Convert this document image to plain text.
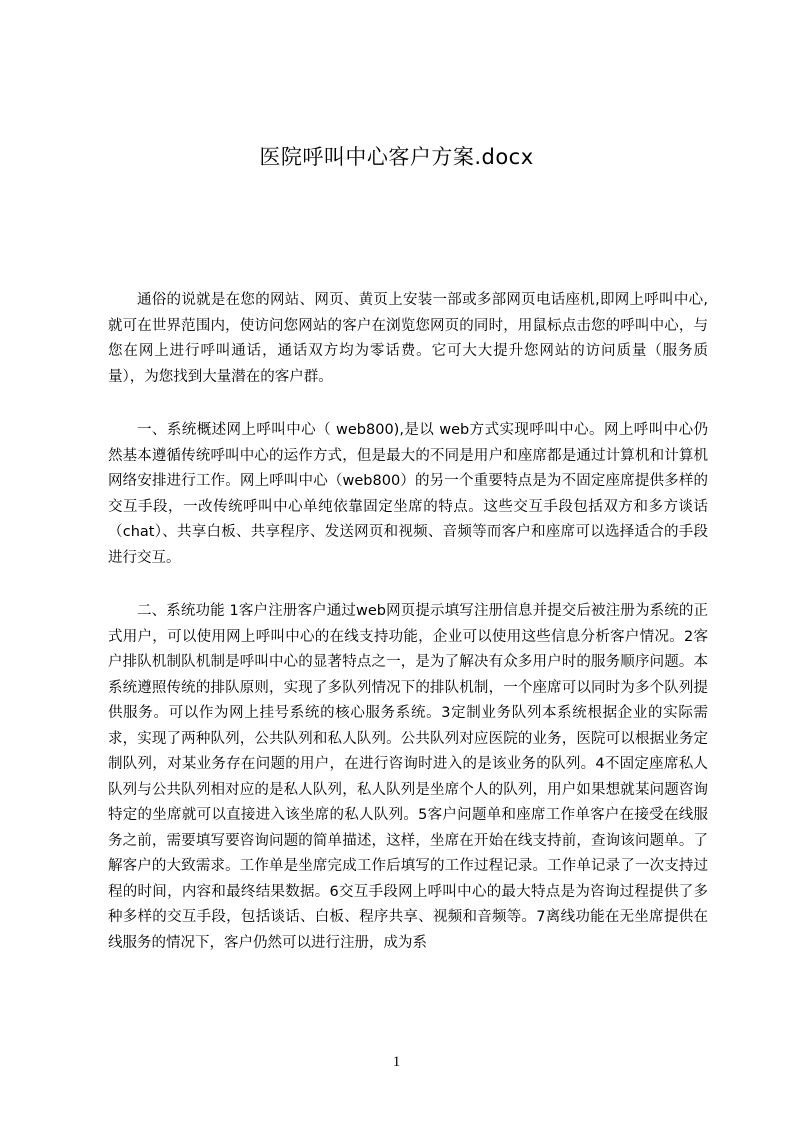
医院呼叫中心客户方案.docx

通俗的说就是在您的网站、网页、黄页上安装一部或多部网页电话座机,即网上呼叫中心,就可在世界范围内，使访问您网站的客户在浏览您网页的同时，用鼠标点击您的呼叫中心，与您在网上进行呼叫通话，通话双方均为零话费。它可大大提升您网站的访问质量（服务质量），为您找到大量潜在的客户群。

一、系统概述网上呼叫中心（ web800),是以 web方式实现呼叫中心。网上呼叫中心仍然基本遵循传统呼叫中心的运作方式，但是最大的不同是用户和座席都是通过计算机和计算机网络安排进行工作。网上呼叫中心（web800）的另一个重要特点是为不固定座席提供多样的交互手段，一改传统呼叫中心单纯依靠固定坐席的特点。这些交互手段包括双方和多方谈话（chat）、共享白板、共享程序、发送网页和视频、音频等而客户和座席可以选择适合的手段进行交互。

二、系统功能 1客户注册客户通过web网页提示填写注册信息并提交后被注册为系统的正式用户，可以使用网上呼叫中心的在线支持功能，企业可以使用这些信息分析客户情况。2客户排队机制队机制是呼叫中心的显著特点之一，是为了解决有众多用户时的服务顺序问题。本系统遵照传统的排队原则，实现了多队列情况下的排队机制，一个座席可以同时为多个队列提供服务。可以作为网上挂号系统的核心服务系统。3定制业务队列本系统根据企业的实际需求，实现了两种队列，公共队列和私人队列。公共队列对应医院的业务，医院可以根据业务定制队列，对某业务存在问题的用户，在进行咨询时进入的是该业务的队列。4不固定座席私人队列与公共队列相对应的是私人队列，私人队列是坐席个人的队列，用户如果想就某问题咨询特定的坐席就可以直接进入该坐席的私人队列。5客户问题单和座席工作单客户在接受在线服务之前，需要填写要咨询问题的简单描述，这样，坐席在开始在线支持前，查询该问题单。了解客户的大致需求。工作单是坐席完成工作后填写的工作过程记录。工作单记录了一次支持过程的时间，内容和最终结果数据。6交互手段网上呼叫中心的最大特点是为咨询过程提供了多种多样的交互手段，包括谈话、白板、程序共享、视频和音频等。7离线功能在无坐席提供在线服务的情况下，客户仍然可以进行注册，成为系

1
